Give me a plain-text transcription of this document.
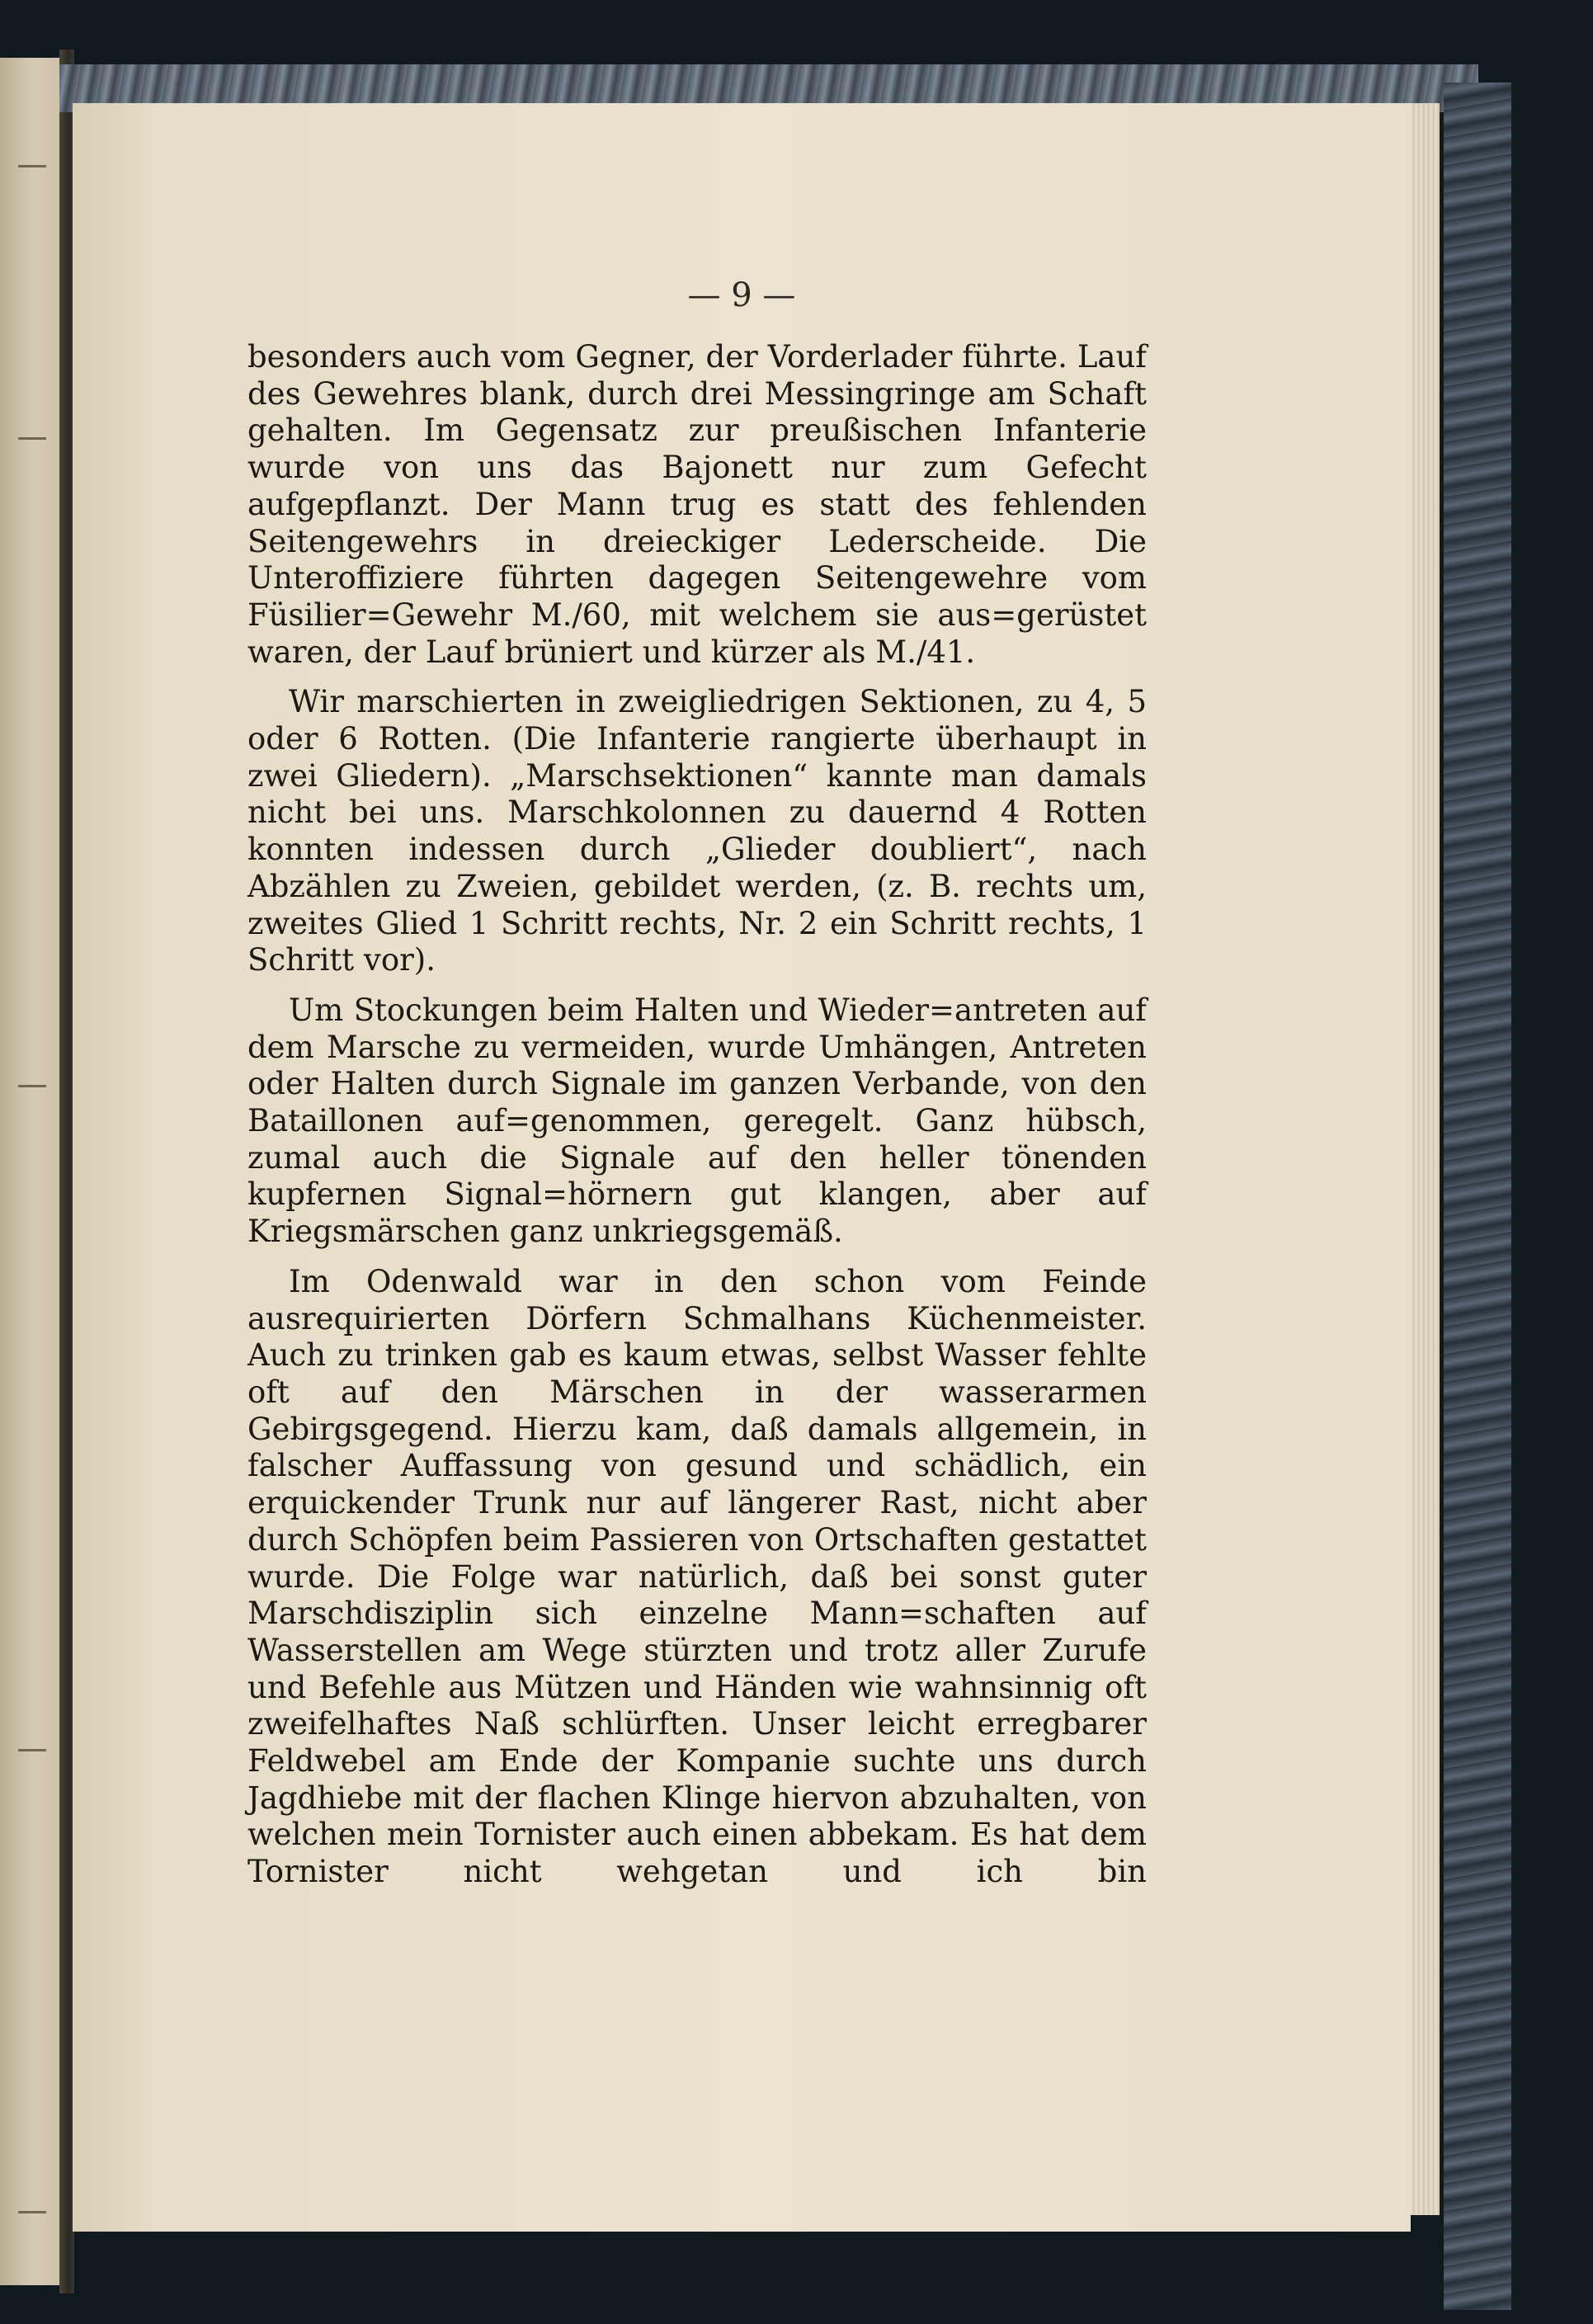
— 9 —

besonders auch vom Gegner, der Vorderlader führte. Lauf des Gewehres blank, durch drei Messingringe am Schaft gehalten. Im Gegensatz zur preußischen Infanterie wurde von uns das Bajonett nur zum Gefecht aufgepflanzt. Der Mann trug es statt des fehlenden Seitengewehrs in dreieckiger Lederscheide. Die Unteroffiziere führten dagegen Seitengewehre vom Füsilier=Gewehr M./60, mit welchem sie aus=gerüstet waren, der Lauf brüniert und kürzer als M./41.

Wir marschierten in zweigliedrigen Sektionen, zu 4, 5 oder 6 Rotten. (Die Infanterie rangierte überhaupt in zwei Gliedern). „Marschsektionen“ kannte man damals nicht bei uns. Marschkolonnen zu dauernd 4 Rotten konnten indessen durch „Glieder doubliert“, nach Abzählen zu Zweien, gebildet werden, (z. B. rechts um, zweites Glied 1 Schritt rechts, Nr. 2 ein Schritt rechts, 1 Schritt vor).

Um Stockungen beim Halten und Wieder=antreten auf dem Marsche zu vermeiden, wurde Umhängen, Antreten oder Halten durch Signale im ganzen Verbande, von den Bataillonen auf=genommen, geregelt. Ganz hübsch, zumal auch die Signale auf den heller tönenden kupfernen Signal=hörnern gut klangen, aber auf Kriegsmärschen ganz unkriegsgemäß.

Im Odenwald war in den schon vom Feinde ausrequirierten Dörfern Schmalhans Küchenmeister. Auch zu trinken gab es kaum etwas, selbst Wasser fehlte oft auf den Märschen in der wasserarmen Gebirgsgegend. Hierzu kam, daß damals allgemein, in falscher Auffassung von gesund und schädlich, ein erquickender Trunk nur auf längerer Rast, nicht aber durch Schöpfen beim Passieren von Ortschaften gestattet wurde. Die Folge war natürlich, daß bei sonst guter Marschdisziplin sich einzelne Mann=schaften auf Wasserstellen am Wege stürzten und trotz aller Zurufe und Befehle aus Mützen und Händen wie wahnsinnig oft zweifelhaftes Naß schlürften. Unser leicht erregbarer Feldwebel am Ende der Kompanie suchte uns durch Jagdhiebe mit der flachen Klinge hiervon abzuhalten, von welchen mein Tornister auch einen abbekam. Es hat dem Tornister nicht wehgetan und ich bin
